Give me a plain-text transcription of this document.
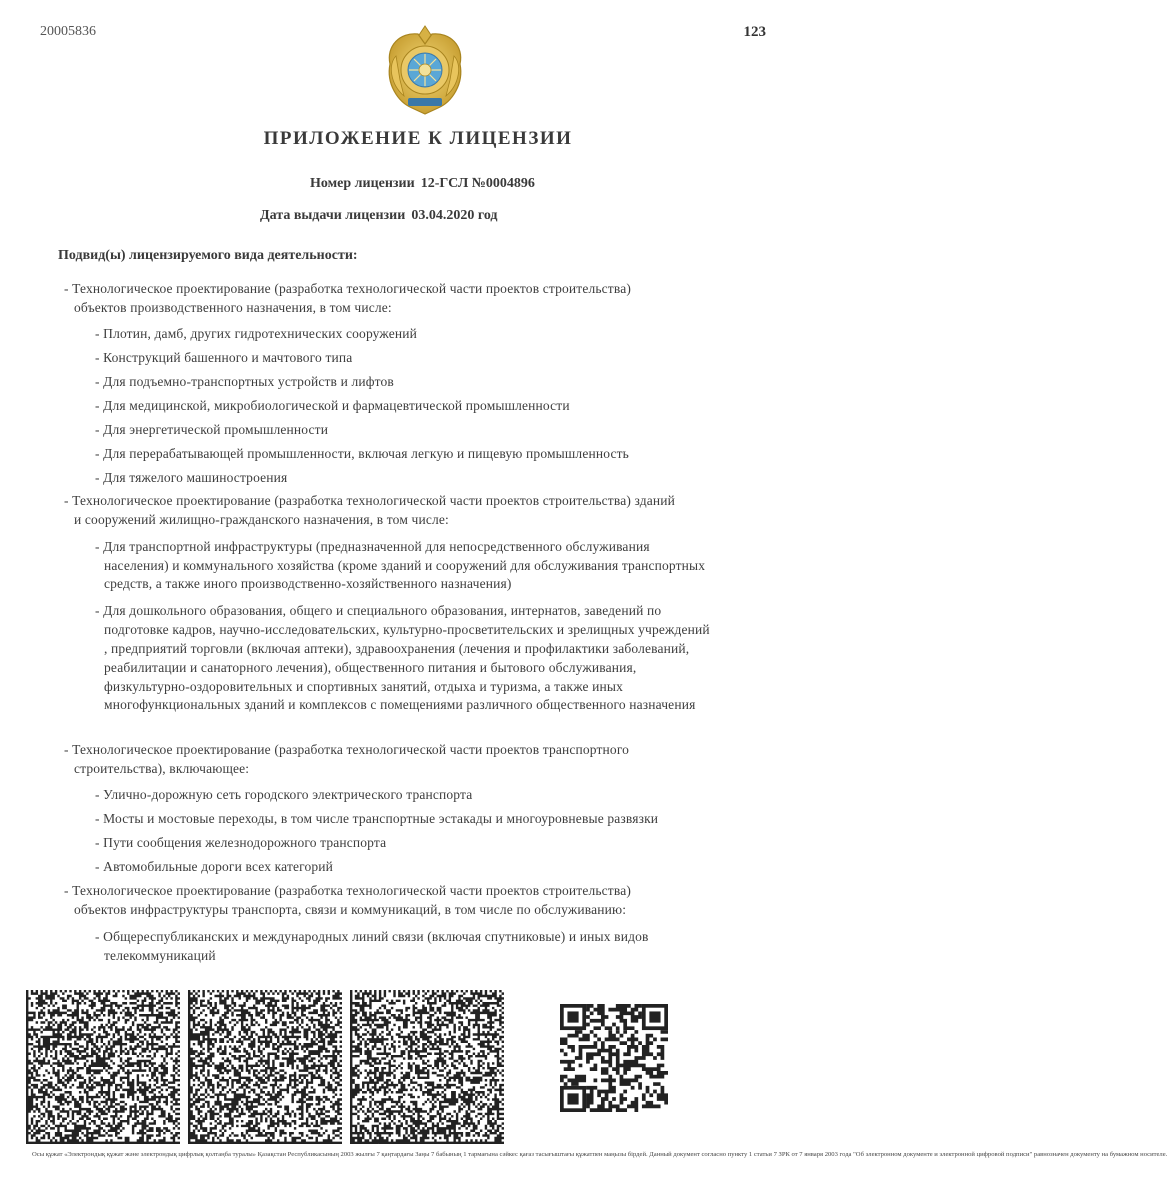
20005836	123
ПРИЛОЖЕНИЕ К ЛИЦЕНЗИИ
Номер лицензии 12-ГСЛ №0004896
Дата выдачи лицензии 03.04.2020 год
Подвид(ы) лицензируемого вида деятельности:
- Технологическое проектирование (разработка технологической части проектов строительства)
объектов производственного назначения, в том числе:
- Плотин, дамб, других гидротехнических сооружений
- Конструкций башенного и мачтового типа
- Для подъемно-транспортных устройств и лифтов
- Для медицинской, микробиологической и фармацевтической промышленности
- Для энергетической промышленности
- Для перерабатывающей промышленности, включая легкую и пищевую промышленность
- Для тяжелого машиностроения
- Технологическое проектирование (разработка технологической части проектов строительства) зданий
и сооружений жилищно-гражданского назначения, в том числе:
- Для транспортной инфраструктуры (предназначенной для непосредственного обслуживания
населения) и коммунального хозяйства (кроме зданий и сооружений для обслуживания транспортных
средств, а также иного производственно-хозяйственного назначения)
- Для дошкольного образования, общего и специального образования, интернатов, заведений по
подготовке кадров, научно-исследовательских, культурно-просветительских и зрелищных учреждений
, предприятий торговли (включая аптеки), здравоохранения (лечения и профилактики заболеваний,
реабилитации и санаторного лечения), общественного питания и бытового обслуживания,
физкультурно-оздоровительных и спортивных занятий, отдыха и туризма, а также иных
многофункциональных зданий и комплексов с помещениями различного общественного назначения
- Технологическое проектирование (разработка технологической части проектов транспортного
строительства), включающее:
- Улично-дорожную сеть городского электрического транспорта
- Мосты и мостовые переходы, в том числе транспортные эстакады и многоуровневые развязки
- Пути сообщения железнодорожного транспорта
- Автомобильные дороги всех категорий
- Технологическое проектирование (разработка технологической части проектов строительства)
объектов инфраструктуры транспорта, связи и коммуникаций, в том числе по обслуживанию:
- Общереспубликанских и международных линий связи (включая спутниковые) и иных видов
телекоммуникаций
Осы құжат «Электрондық құжат және электрондық цифрлық қолтаңба туралы» Қазақстан Республикасының 2003 жылғы 7 қаңтардағы Заңы 7 бабының 1 тармағына сәйкес қағаз тасығыштағы құжатпен маңызы бірдей. Данный документ согласно пункту 1 статьи 7 ЗРК от 7 января 2003 года "Об электронном документе и электронной цифровой подписи" равнозначен документу на бумажном носителе.
